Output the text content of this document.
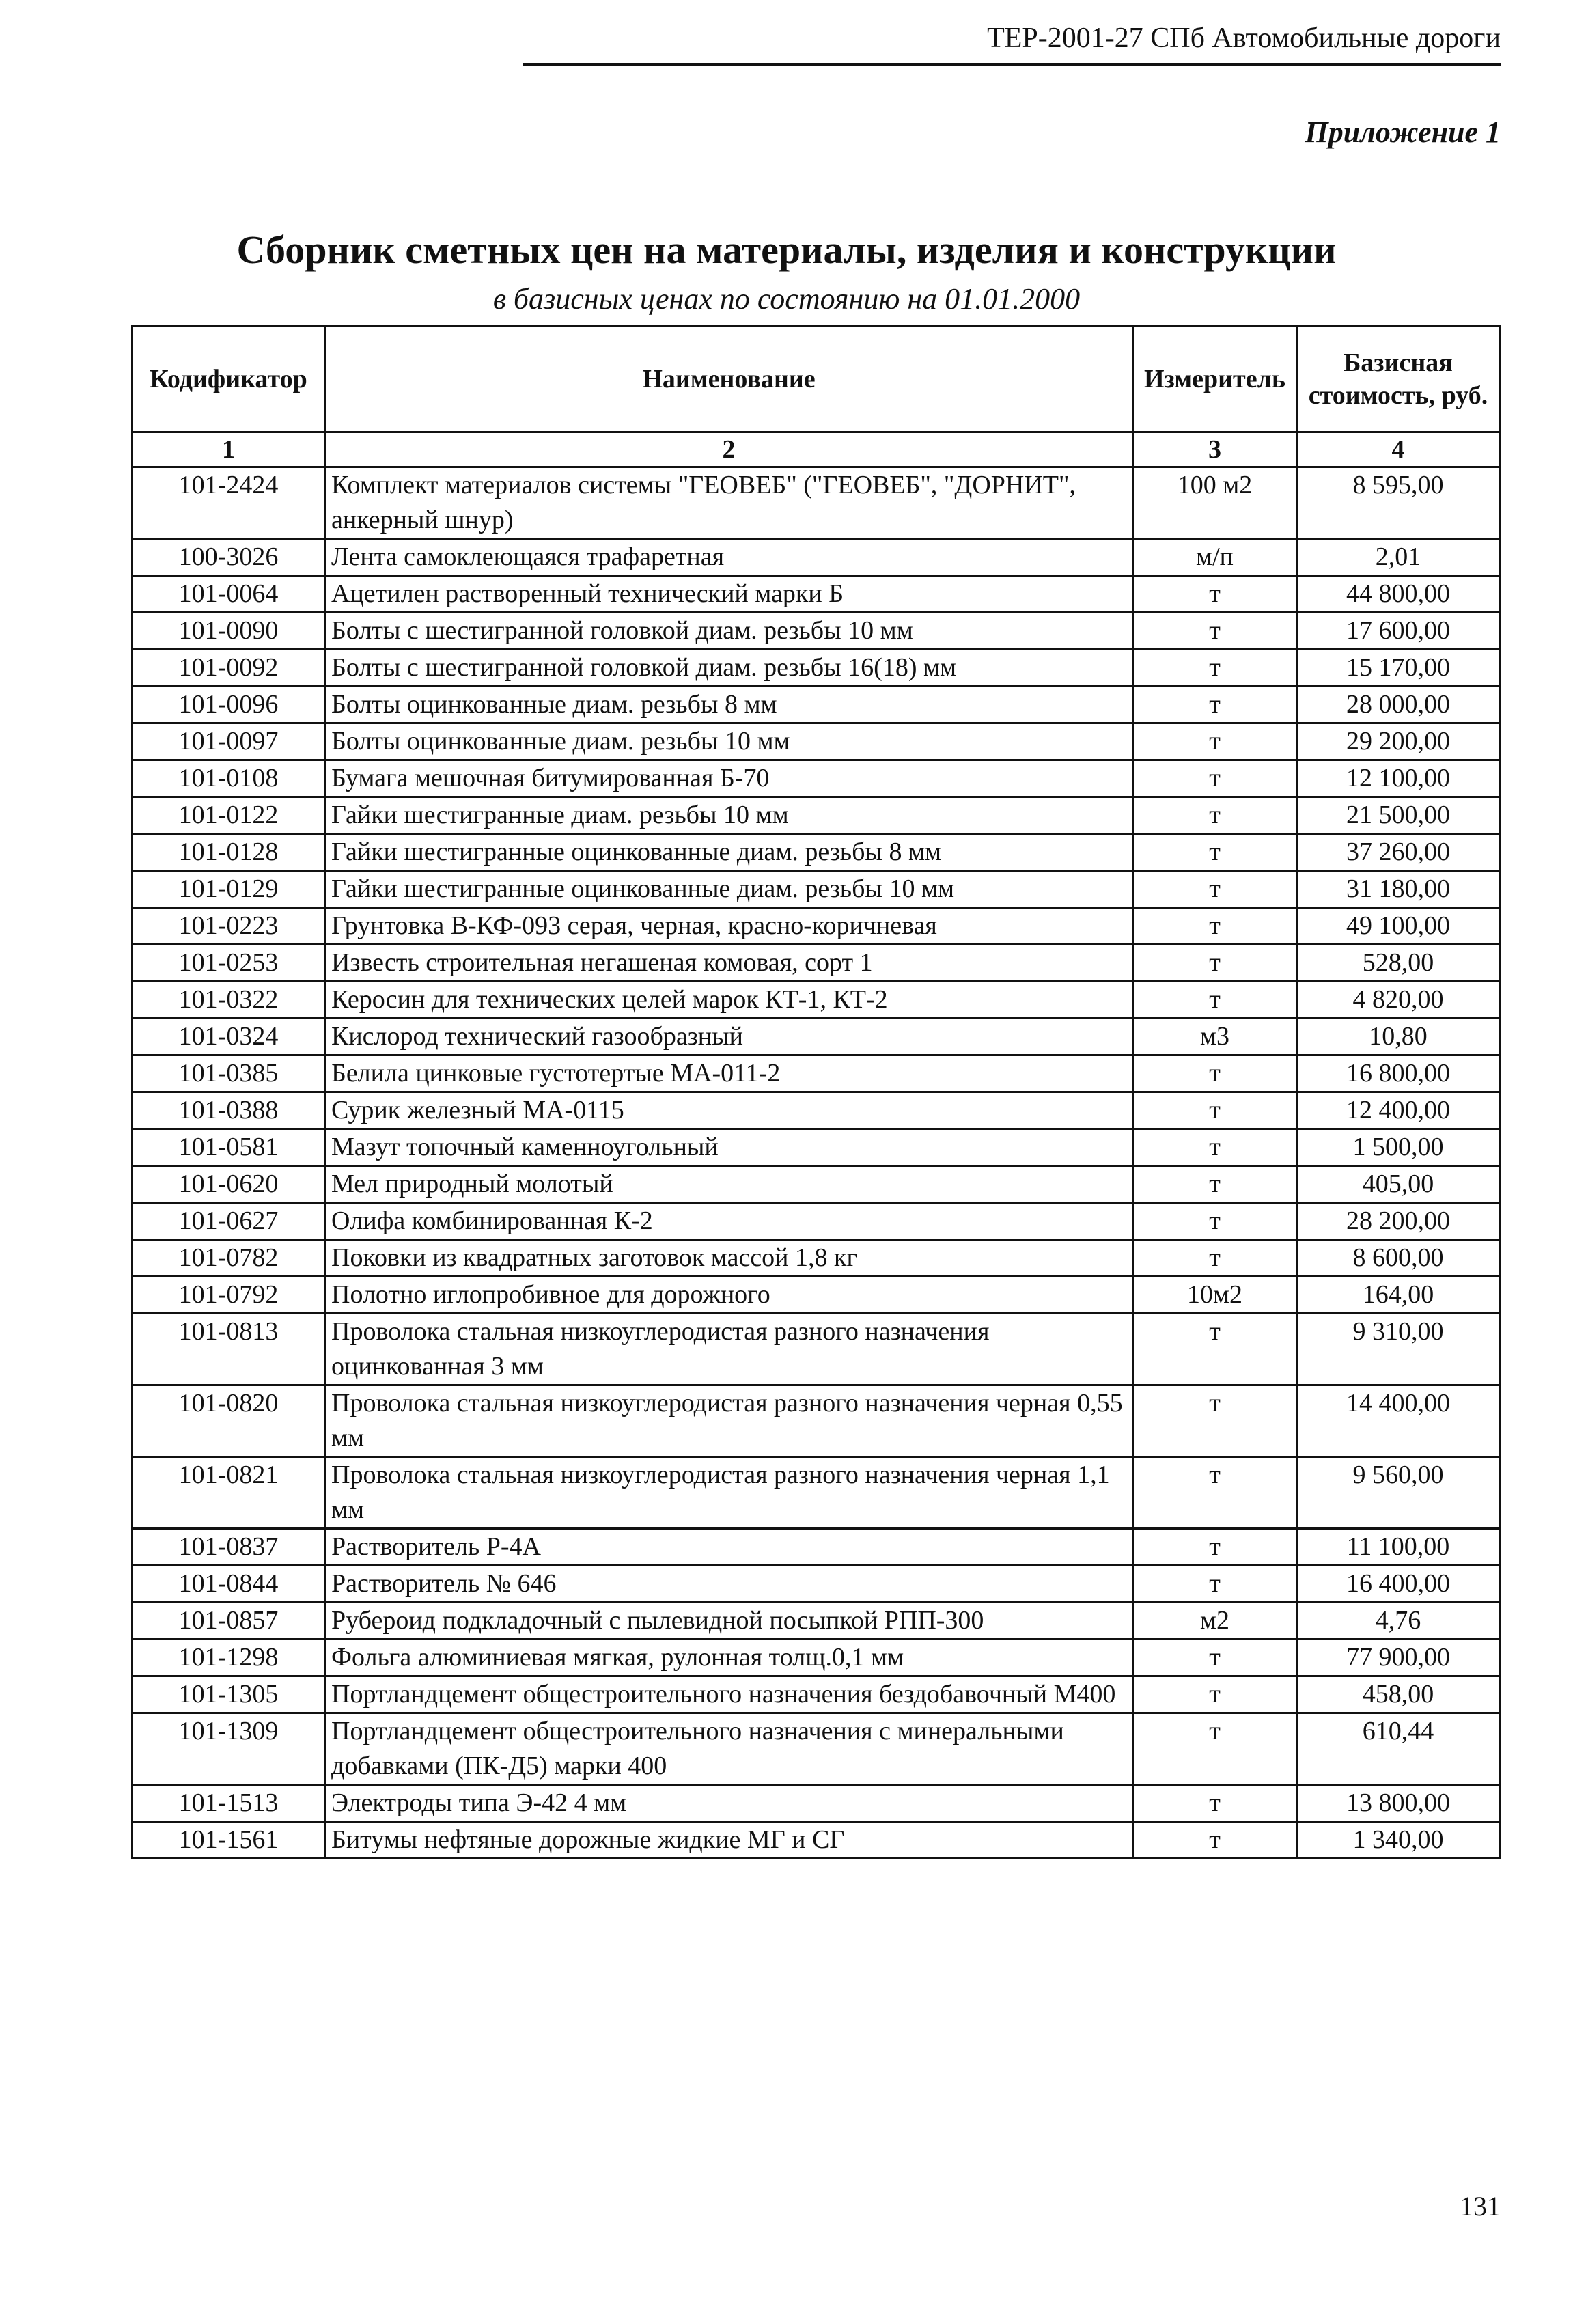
ТЕР-2001-27 СПб Автомобильные дороги
Приложение 1
Сборник сметных цен на материалы, изделия и конструкции
в базисных ценах по состоянию на 01.01.2000
Кодификатор	Наименование	Измеритель	Базисная стоимость, руб.
1	2	3	4
101-2424	Комплект материалов системы "ГЕОВЕБ" ("ГЕОВЕБ", "ДОРНИТ", анкерный шнур)	100 м2	8 595,00
100-3026	Лента самоклеющаяся трафаретная	м/п	2,01
101-0064	Ацетилен растворенный технический марки Б	т	44 800,00
101-0090	Болты с шестигранной головкой диам. резьбы 10 мм	т	17 600,00
101-0092	Болты с шестигранной головкой диам. резьбы 16(18) мм	т	15 170,00
101-0096	Болты оцинкованные диам. резьбы 8 мм	т	28 000,00
101-0097	Болты оцинкованные диам. резьбы 10 мм	т	29 200,00
101-0108	Бумага мешочная битумированная Б-70	т	12 100,00
101-0122	Гайки шестигранные диам. резьбы 10 мм	т	21 500,00
101-0128	Гайки шестигранные оцинкованные диам. резьбы 8 мм	т	37 260,00
101-0129	Гайки шестигранные оцинкованные диам. резьбы 10 мм	т	31 180,00
101-0223	Грунтовка В-КФ-093 серая, черная, красно-коричневая	т	49 100,00
101-0253	Известь строительная негашеная комовая, сорт 1	т	528,00
101-0322	Керосин для технических целей марок КТ-1, КТ-2	т	4 820,00
101-0324	Кислород технический газообразный	м3	10,80
101-0385	Белила цинковые густотертые МА-011-2	т	16 800,00
101-0388	Сурик железный МА-0115	т	12 400,00
101-0581	Мазут топочный каменноугольный	т	1 500,00
101-0620	Мел природный молотый	т	405,00
101-0627	Олифа комбинированная К-2	т	28 200,00
101-0782	Поковки из квадратных заготовок массой 1,8 кг	т	8 600,00
101-0792	Полотно иглопробивное для дорожного	10м2	164,00
101-0813	Проволока стальная низкоуглеродистая разного назначения оцинкованная 3 мм	т	9 310,00
101-0820	Проволока стальная низкоуглеродистая разного назначения черная 0,55 мм	т	14 400,00
101-0821	Проволока стальная низкоуглеродистая разного назначения черная 1,1 мм	т	9 560,00
101-0837	Растворитель Р-4А	т	11 100,00
101-0844	Растворитель № 646	т	16 400,00
101-0857	Рубероид подкладочный с пылевидной посыпкой РПП-300	м2	4,76
101-1298	Фольга алюминиевая мягкая, рулонная толщ.0,1 мм	т	77 900,00
101-1305	Портландцемент общестроительного назначения бездобавочный М400	т	458,00
101-1309	Портландцемент общестроительного назначения с минеральными добавками (ПК-Д5) марки 400	т	610,44
101-1513	Электроды типа Э-42 4 мм	т	13 800,00
101-1561	Битумы нефтяные дорожные жидкие МГ и СГ	т	1 340,00
131
